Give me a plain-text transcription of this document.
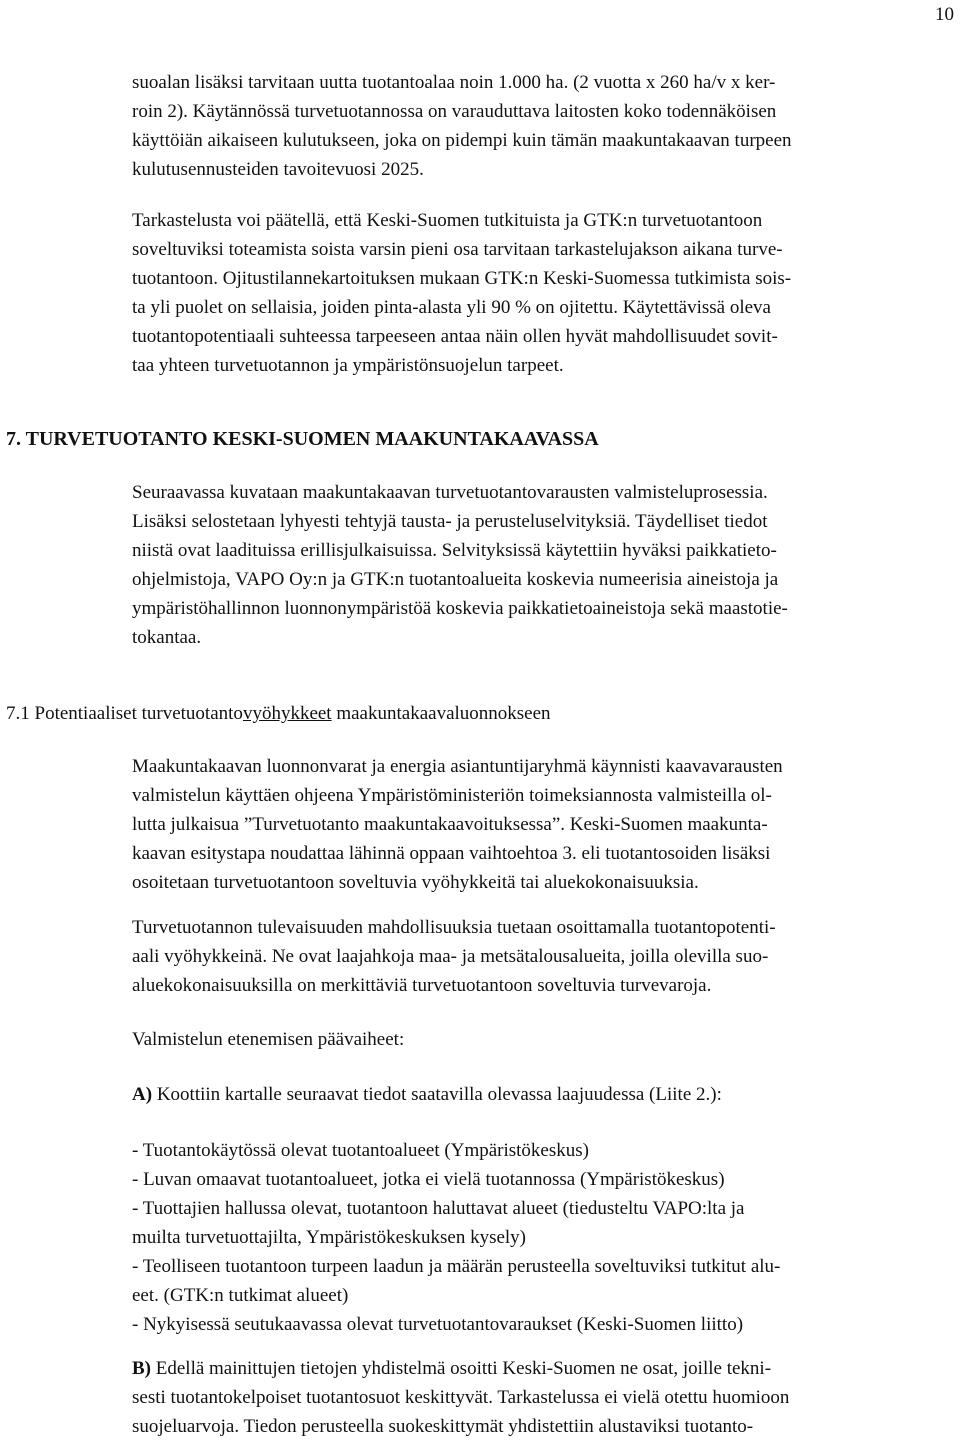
10
suoalan lisäksi tarvitaan uutta tuotantoalaa noin 1.000 ha. (2 vuotta x 260 ha/v x ker-
roin 2). Käytännössä turvetuotannossa on varauduttava laitosten koko todennäköisen
käyttöiän aikaiseen kulutukseen, joka on pidempi kuin tämän maakuntakaavan turpeen
kulutusennusteiden tavoitevuosi 2025.
Tarkastelusta voi päätellä, että Keski-Suomen tutkituista ja GTK:n turvetuotantoon
soveltuviksi toteamista soista varsin pieni osa tarvitaan tarkastelujakson aikana turve-
tuotantoon. Ojitustilannekartoituksen mukaan GTK:n Keski-Suomessa tutkimista sois-
ta yli puolet on sellaisia, joiden pinta-alasta yli 90 % on ojitettu. Käytettävissä oleva
tuotantopotentiaali suhteessa tarpeeseen antaa näin ollen hyvät mahdollisuudet sovit-
taa yhteen turvetuotannon ja ympäristönsuojelun tarpeet.
7. TURVETUOTANTO KESKI-SUOMEN MAAKUNTAKAAVASSA
Seuraavassa kuvataan maakuntakaavan turvetuotantovarausten valmisteluprosessia.
Lisäksi selostetaan lyhyesti tehtyjä tausta- ja perusteluselvityksiä. Täydelliset tiedot
niistä ovat laadituissa erillisjulkaisuissa. Selvityksissä käytettiin hyväksi paikkatieto-
ohjelmistoja, VAPO Oy:n ja GTK:n tuotantoalueita koskevia numeerisia aineistoja ja
ympäristöhallinnon luonnonympäristöä koskevia paikkatietoaineistoja sekä maastotie-
tokantaa.
7.1 Potentiaaliset turvetuotantovyöhykkeet maakuntakaavaluonnokseen
Maakuntakaavan luonnonvarat ja energia asiantuntijaryhmä käynnisti kaavavarausten
valmistelun käyttäen ohjeena Ympäristöministeriön toimeksiannosta valmisteilla ol-
lutta julkaisua ”Turvetuotanto maakuntakaavoituksessa”. Keski-Suomen maakunta-
kaavan esitystapa noudattaa lähinnä oppaan vaihtoehtoa 3. eli tuotantosoiden lisäksi
osoitetaan turvetuotantoon soveltuvia vyöhykkeitä tai aluekokonaisuuksia.
Turvetuotannon tulevaisuuden mahdollisuuksia tuetaan osoittamalla tuotantopotenti-
aali vyöhykkeinä. Ne ovat laajahkoja maa- ja metsätalousalueita, joilla olevilla suo-
aluekokonaisuuksilla on merkittäviä turvetuotantoon soveltuvia turvevaroja.
Valmistelun etenemisen päävaiheet:
A) Koottiin kartalle seuraavat tiedot saatavilla olevassa laajuudessa (Liite 2.):
- Tuotantokäytössä olevat tuotantoalueet (Ympäristökeskus)
- Luvan omaavat tuotantoalueet, jotka ei vielä tuotannossa (Ympäristökeskus)
- Tuottajien hallussa olevat, tuotantoon haluttavat alueet (tiedusteltu VAPO:lta ja
muilta turvetuottajilta, Ympäristökeskuksen kysely)
- Teolliseen tuotantoon turpeen laadun ja määrän perusteella soveltuviksi tutkitut alu-
eet. (GTK:n tutkimat alueet)
- Nykyisessä seutukaavassa olevat turvetuotantovaraukset (Keski-Suomen liitto)
B) Edellä mainittujen tietojen yhdistelmä osoitti Keski-Suomen ne osat, joille tekni-
sesti tuotantokelpoiset tuotantosuot keskittyvät. Tarkastelussa ei vielä otettu huomioon
suojeluarvoja. Tiedon perusteella suokeskittymät yhdistettiin alustaviksi tuotanto-
